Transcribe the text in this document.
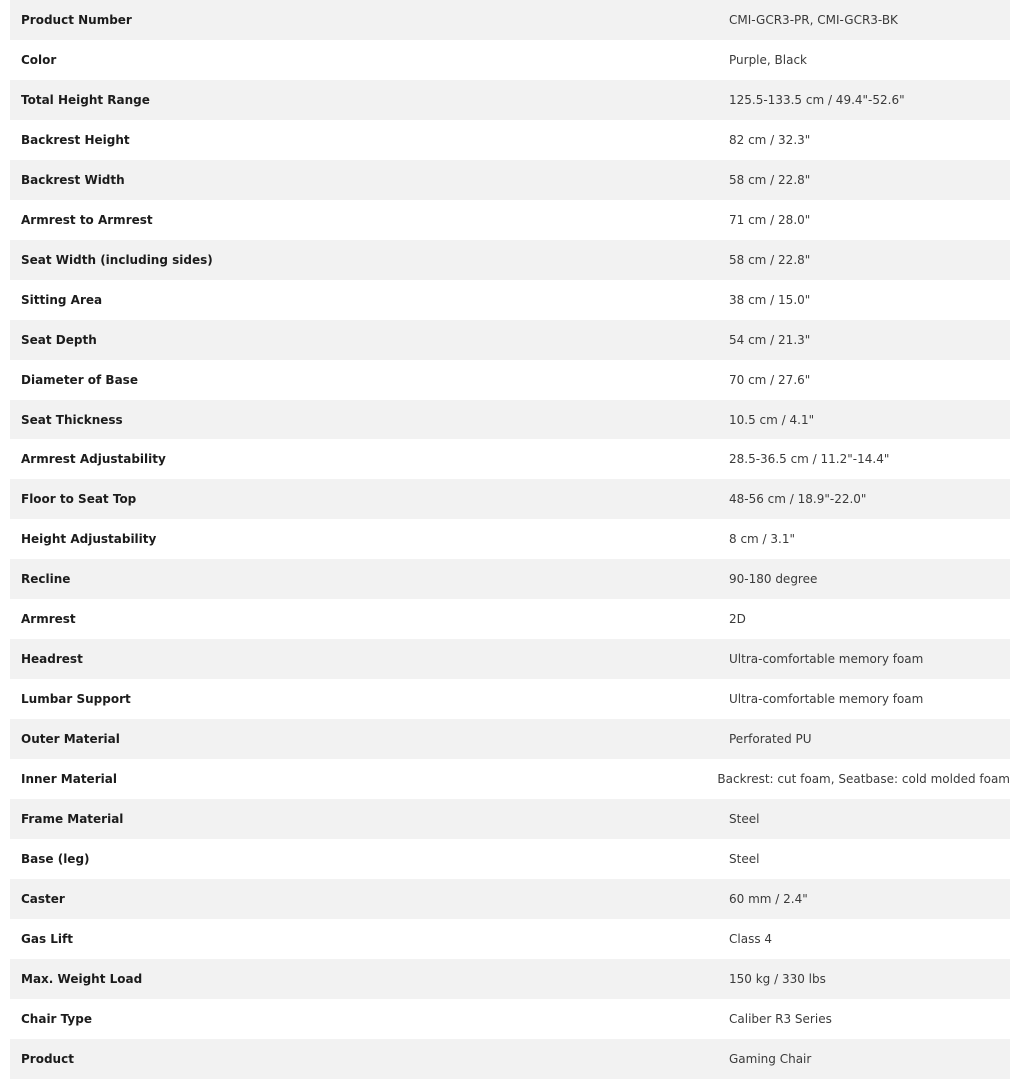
Product Number	CMI-GCR3-PR, CMI-GCR3-BK
Color	Purple, Black
Total Height Range	125.5-133.5 cm / 49.4"-52.6"
Backrest Height	82 cm / 32.3"
Backrest Width	58 cm / 22.8"
Armrest to Armrest	71 cm / 28.0"
Seat Width (including sides)	58 cm / 22.8"
Sitting Area	38 cm / 15.0"
Seat Depth	54 cm / 21.3"
Diameter of Base	70 cm / 27.6"
Seat Thickness	10.5 cm / 4.1"
Armrest Adjustability	28.5-36.5 cm / 11.2"-14.4"
Floor to Seat Top	48-56 cm / 18.9"-22.0"
Height Adjustability	8 cm / 3.1"
Recline	90-180 degree
Armrest	2D
Headrest	Ultra-comfortable memory foam
Lumbar Support	Ultra-comfortable memory foam
Outer Material	Perforated PU
Inner Material	Backrest: cut foam, Seatbase: cold molded foam
Frame Material	Steel
Base (leg)	Steel
Caster	60 mm / 2.4"
Gas Lift	Class 4
Max. Weight Load	150 kg / 330 lbs
Chair Type	Caliber R3 Series
Product	Gaming Chair
